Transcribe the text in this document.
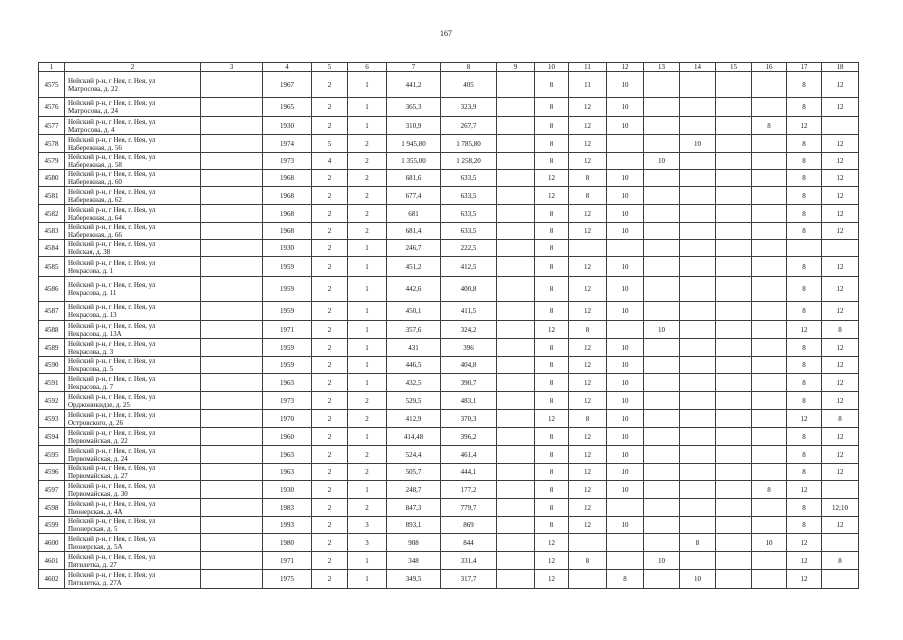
167
1	2	3	4	5	6	7	8	9	10	11	12	13	14	15	16	17	18
4575	Нейский р-н, г Нея, г. Нея, ул Матросова, д. 22		1967	2	1	441,2	405		8	11	10					8	12
4576	Нейский р-н, г Нея, г. Нея, ул Матросова, д. 24		1965	2	1	365,3	323,9		8	12	10					8	12
4577	Нейский р-н, г Нея, г. Нея, ул Матросова, д. 4		1930	2	1	310,9	267,7		8	12	10				8	12	
4578	Нейский р-н, г Нея, г. Нея, ул Набережная, д. 56		1974	5	2	1 945,80	1 785,80		8	12			10			8	12
4579	Нейский р-н, г Нея, г. Нея, ул Набережная, д. 58		1973	4	2	1 355,00	1 258,20		8	12		10				8	12
4580	Нейский р-н, г Нея, г. Нея, ул Набережная, д. 60		1968	2	2	681,6	633,5		12	8	10					8	12
4581	Нейский р-н, г Нея, г. Нея, ул Набережная, д. 62		1968	2	2	677,4	633,5		12	8	10					8	12
4582	Нейский р-н, г Нея, г. Нея, ул Набережная, д. 64		1968	2	2	681	633,5		8	12	10					8	12
4583	Нейский р-н, г Нея, г. Нея, ул Набережная, д. 66		1968	2	2	681,4	633,5		8	12	10					8	12
4584	Нейский р-н, г Нея, г. Нея, ул Нейская, д. 38		1930	2	1	246,7	222,5		8								
4585	Нейский р-н, г Нея, г. Нея, ул Некрасова, д. 1		1959	2	1	451,2	412,5		8	12	10					8	12
4586	Нейский р-н, г Нея, г. Нея, ул Некрасова, д. 11		1959	2	1	442,6	400,8		8	12	10					8	12
4587	Нейский р-н, г Нея, г. Нея, ул Некрасова, д. 13		1959	2	1	450,1	411,5		8	12	10					8	12
4588	Нейский р-н, г Нея, г. Нея, ул Некрасова, д. 13А		1971	2	1	357,6	324,2		12	8		10				12	8
4589	Нейский р-н, г Нея, г. Нея, ул Некрасова, д. 3		1959	2	1	431	396		8	12	10					8	12
4590	Нейский р-н, г Нея, г. Нея, ул Некрасова, д. 5		1959	2	1	446,5	404,8		8	12	10					8	12
4591	Нейский р-н, г Нея, г. Нея, ул Некрасова, д. 7		1963	2	1	432,5	390,7		8	12	10					8	12
4592	Нейский р-н, г Нея, г. Нея, ул Орджоникидзе, д. 25		1973	2	2	529,5	483,1		8	12	10					8	12
4593	Нейский р-н, г Нея, г. Нея, ул Островского, д. 26		1970	2	2	412,9	370,3		12	8	10					12	8
4594	Нейский р-н, г Нея, г. Нея, ул Первомайская, д. 22		1960	2	1	414,48	396,2		8	12	10					8	12
4595	Нейский р-н, г Нея, г. Нея, ул Первомайская, д. 24		1963	2	2	524,4	461,4		8	12	10					8	12
4596	Нейский р-н, г Нея, г. Нея, ул Первомайская, д. 27		1963	2	2	505,7	444,1		8	12	10					8	12
4597	Нейский р-н, г Нея, г. Нея, ул Первомайская, д. 30		1930	2	1	248,7	177,2		8	12	10				8	12	
4598	Нейский р-н, г Нея, г. Нея, ул Пионерская, д. 4А		1983	2	2	847,3	779,7		8	12						8	12;10
4599	Нейский р-н, г Нея, г. Нея, ул Пионерская, д. 5		1993	2	3	893,1	869		8	12	10					8	12
4600	Нейский р-н, г Нея, г. Нея, ул Пионерская, д. 5А		1980	2	3	908	844		12				8		10	12	
4601	Нейский р-н, г Нея, г. Нея, ул Пятилетка, д. 27		1971	2	1	348	331,4		12	8		10				12	8
4602	Нейский р-н, г Нея, г. Нея, ул Пятилетка, д. 27А		1975	2	1	349,5	317,7		12		8		10			12	
